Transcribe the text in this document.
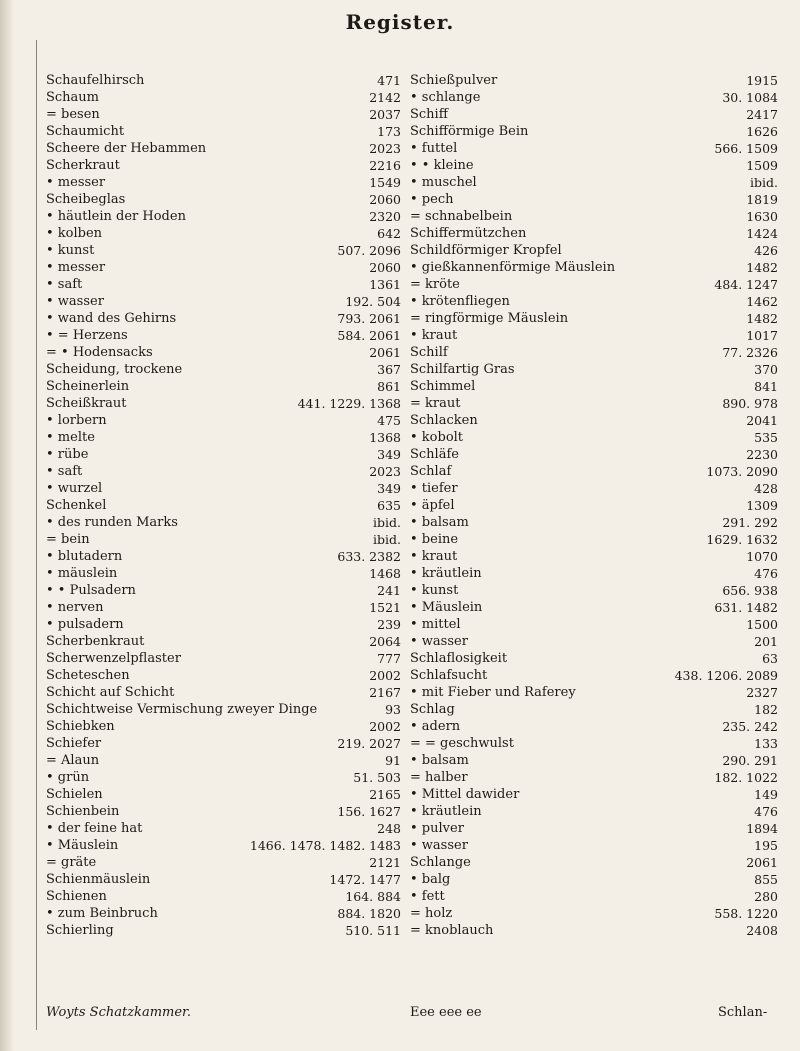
Register.
Schaufelhirsch	471
Schaum	2142
= besen	2037
Schaumicht	173
Scheere der Hebammen	2023
Scherkraut	2216
• messer	1549
Scheibeglas	2060
• häutlein der Hoden	2320
• kolben	642
• kunst	507. 2096
• messer	2060
• saft	1361
• wasser	192. 504
• wand des Gehirns	793. 2061
• = Herzens	584. 2061
= • Hodensacks	2061
Scheidung, trockene	367
Scheinerlein	861
Scheißkraut	441. 1229. 1368
• lorbern	475
• melte	1368
• rübe	349
• saft	2023
• wurzel	349
Schenkel	635
• des runden Marks	ibid.
= bein	ibid.
• blutadern	633. 2382
• mäuslein	1468
• • Pulsadern	241
• nerven	1521
• pulsadern	239
Scherbenkraut	2064
Scherwenzelpflaster	777
Scheteschen	2002
Schicht auf Schicht	2167
Schichtweise Vermischung zweyer Dinge	93
Schiebken	2002
Schiefer	219. 2027
= Alaun	91
• grün	51. 503
Schielen	2165
Schienbein	156. 1627
• der feine hat	248
• Mäuslein	1466. 1478. 1482. 1483
= gräte	2121
Schienmäuslein	1472. 1477
Schienen	164. 884
• zum Beinbruch	884. 1820
Schierling	510. 511
Schießpulver	1915
• schlange	30. 1084
Schiff	2417
Schifförmige Bein	1626
• futtel	566. 1509
• • kleine	1509
• muschel	ibid.
• pech	1819
= schnabelbein	1630
Schiffermützchen	1424
Schildförmiger Kropfel	426
• gießkannenförmige Mäuslein	1482
= kröte	484. 1247
• krötenfliegen	1462
= ringförmige Mäuslein	1482
• kraut	1017
Schilf	77. 2326
Schilfartig Gras	370
Schimmel	841
= kraut	890. 978
Schlacken	2041
• kobolt	535
Schläfe	2230
Schlaf	1073. 2090
• tiefer	428
• äpfel	1309
• balsam	291. 292
• beine	1629. 1632
• kraut	1070
• kräutlein	476
• kunst	656. 938
• Mäuslein	631. 1482
• mittel	1500
• wasser	201
Schlaflosigkeit	63
Schlafsucht	438. 1206. 2089
• mit Fieber und Raferey	2327
Schlag	182
• adern	235. 242
= = geschwulst	133
• balsam	290. 291
= halber	182. 1022
• Mittel dawider	149
• kräutlein	476
• pulver	1894
• wasser	195
Schlange	2061
• balg	855
• fett	280
= holz	558. 1220
= knoblauch	2408
Woyts Schatzkammer.	Eee eee ee	Schlan-
